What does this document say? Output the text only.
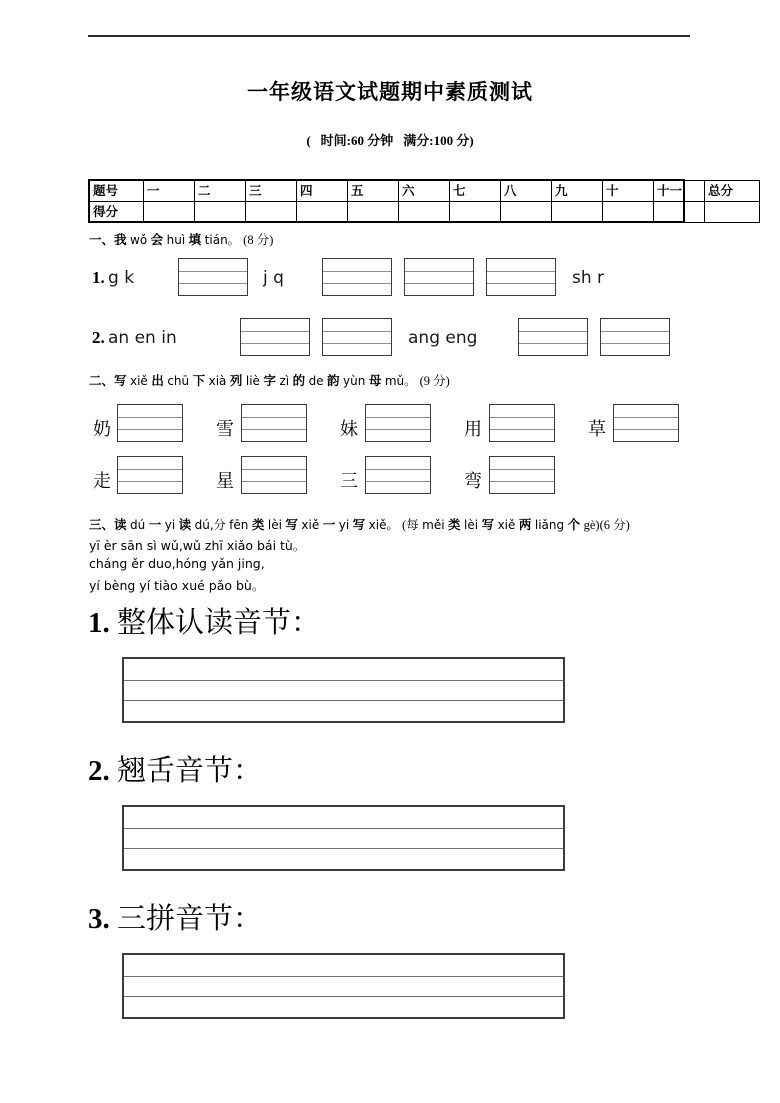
一年级语文试题期中素质测试
( 时间:60 分钟 满分:100 分)
题号	一	二	三	四	五	六	七	八	九	十	十一	总分
得分												
一、我 wǒ 会 huì 填 tián。 (8 分)
1. g k	j q	sh r
2. an en in	ang eng
二、写 xiě 出 chū 下 xià 列 liè 字 zì 的 de 韵 yùn 母 mǔ。 (9 分)
奶	雪	妹	用	草
走	星	三	弯
三、读 dú 一 yi 读 dú,分 fēn 类 lèi 写 xiě 一 yi 写 xiě。 (每 měi 类 lèi 写 xiě 两 liǎng 个 gè)(6 分)
yī èr sān sì wǔ,wǔ zhī xiǎo bái tù。
cháng ěr duo,hóng yǎn jing,
yí bèng yí tiào xué pǎo bù。
1. 整体认读音节：
2. 翘舌音节：
3. 三拼音节：
